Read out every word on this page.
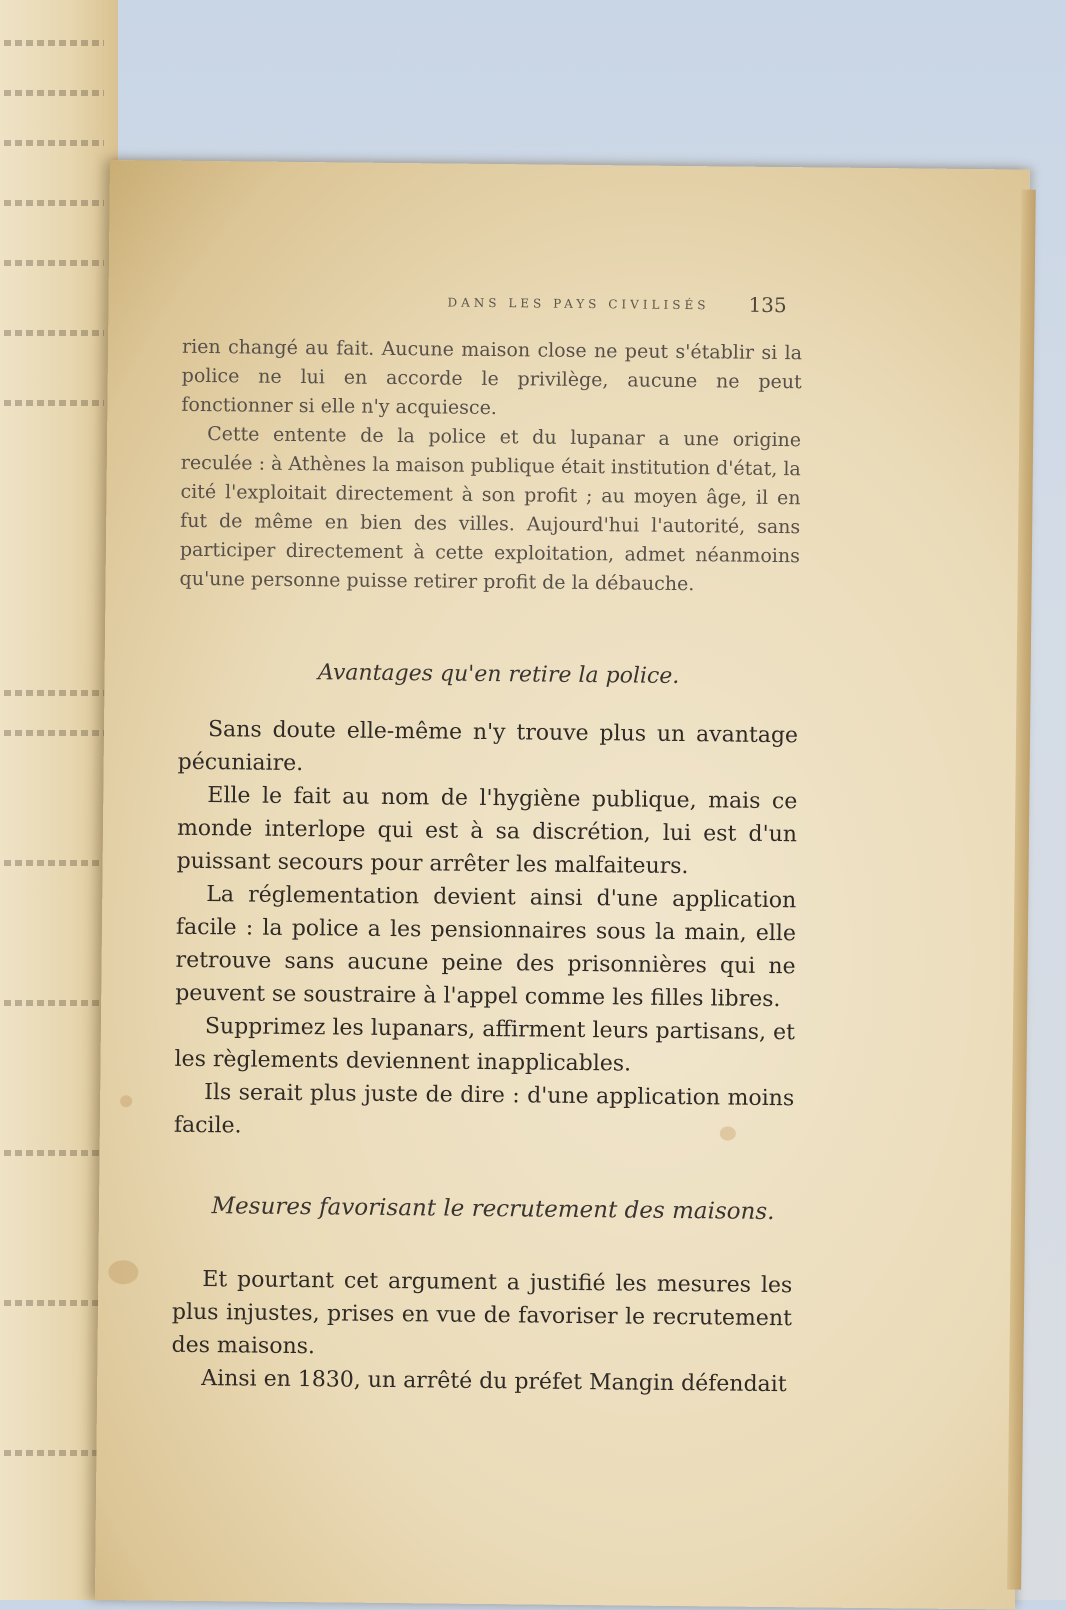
DANS LES PAYS CIVILISÉS	135

rien changé au fait. Aucune maison close ne peut s'établir si la police ne lui en accorde le privilège, aucune ne peut fonctionner si elle n'y acquiesce.

Cette entente de la police et du lupanar a une origine reculée : à Athènes la maison publique était institution d'état, la cité l'exploitait directement à son profit ; au moyen âge, il en fut de même en bien des villes. Aujourd'hui l'autorité, sans participer directement à cette exploitation, admet néanmoins qu'une personne puisse retirer profit de la débauche.

Avantages qu'en retire la police.

Sans doute elle-même n'y trouve plus un avantage pécuniaire.

Elle le fait au nom de l'hygiène publique, mais ce monde interlope qui est à sa discrétion, lui est d'un puissant secours pour arrêter les malfaiteurs.

La réglementation devient ainsi d'une application facile : la police a les pensionnaires sous la main, elle retrouve sans aucune peine des prisonnières qui ne peuvent se soustraire à l'appel comme les filles libres.

Supprimez les lupanars, affirment leurs partisans, et les règlements deviennent inapplicables.

Ils serait plus juste de dire : d'une application moins facile.

Mesures favorisant le recrutement des maisons.

Et pourtant cet argument a justifié les mesures les plus injustes, prises en vue de favoriser le recrutement des maisons.

Ainsi en 1830, un arrêté du préfet Mangin défendait
